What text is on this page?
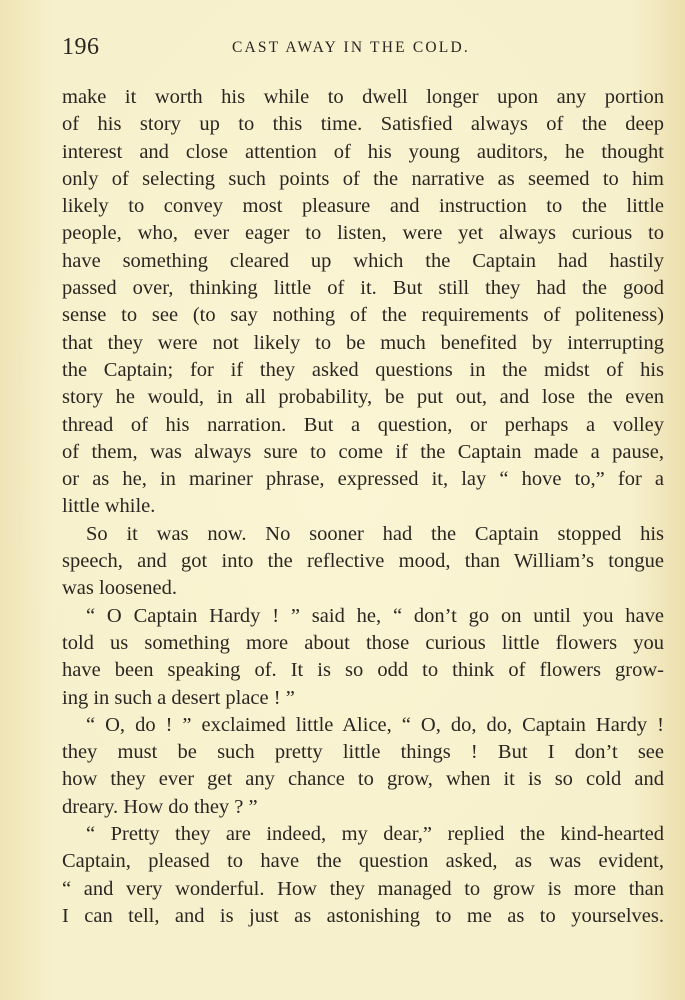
196	CAST AWAY IN THE COLD.
make it worth his while to dwell longer upon any portion
of his story up to this time. Satisfied always of the deep
interest and close attention of his young auditors, he thought
only of selecting such points of the narrative as seemed to him
likely to convey most pleasure and instruction to the little
people, who, ever eager to listen, were yet always curious to
have something cleared up which the Captain had hastily
passed over, thinking little of it. But still they had the good
sense to see (to say nothing of the requirements of politeness)
that they were not likely to be much benefited by interrupting
the Captain; for if they asked questions in the midst of his
story he would, in all probability, be put out, and lose the even
thread of his narration. But a question, or perhaps a volley
of them, was always sure to come if the Captain made a pause,
or as he, in mariner phrase, expressed it, lay “ hove to,” for a
little while.
So it was now. No sooner had the Captain stopped his
speech, and got into the reflective mood, than William’s tongue
was loosened.
“ O Captain Hardy ! ” said he, “ don’t go on until you have
told us something more about those curious little flowers you
have been speaking of. It is so odd to think of flowers grow-
ing in such a desert place ! ”
“ O, do ! ” exclaimed little Alice, “ O, do, do, Captain Hardy !
they must be such pretty little things ! But I don’t see
how they ever get any chance to grow, when it is so cold and
dreary. How do they ? ”
“ Pretty they are indeed, my dear,” replied the kind-hearted
Captain, pleased to have the question asked, as was evident,
“ and very wonderful. How they managed to grow is more than
I can tell, and is just as astonishing to me as to yourselves.
